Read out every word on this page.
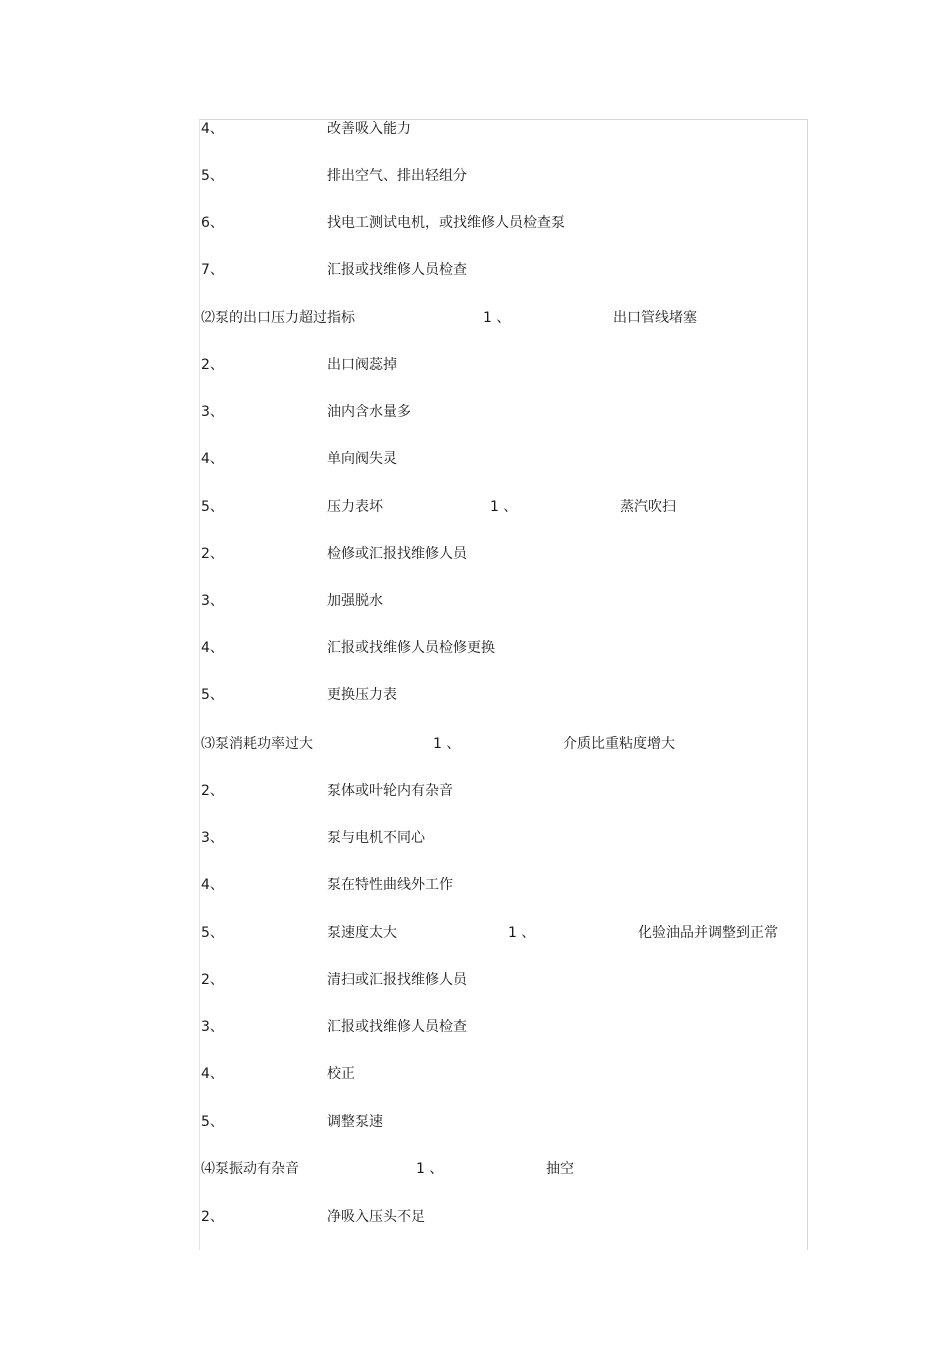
4、	改善吸入能力
5、	排出空气、排出轻组分
6、	找电工测试电机，或找维修人员检查泵
7、	汇报或找维修人员检查
⑵泵的出口压力超过指标	1 、	出口管线堵塞
2、	出口阀蕊掉
3、	油内含水量多
4、	单向阀失灵
5、	压力表坏	1 、	蒸汽吹扫
2、	检修或汇报找维修人员
3、	加强脱水
4、	汇报或找维修人员检修更换
5、	更换压力表
⑶泵消耗功率过大	1 、	介质比重粘度增大
2、	泵体或叶轮内有杂音
3、	泵与电机不同心
4、	泵在特性曲线外工作
5、	泵速度太大	1 、	化验油品并调整到正常
2、	清扫或汇报找维修人员
3、	汇报或找维修人员检查
4、	校正
5、	调整泵速
⑷泵振动有杂音	1 、	抽空
2、	净吸入压头不足
